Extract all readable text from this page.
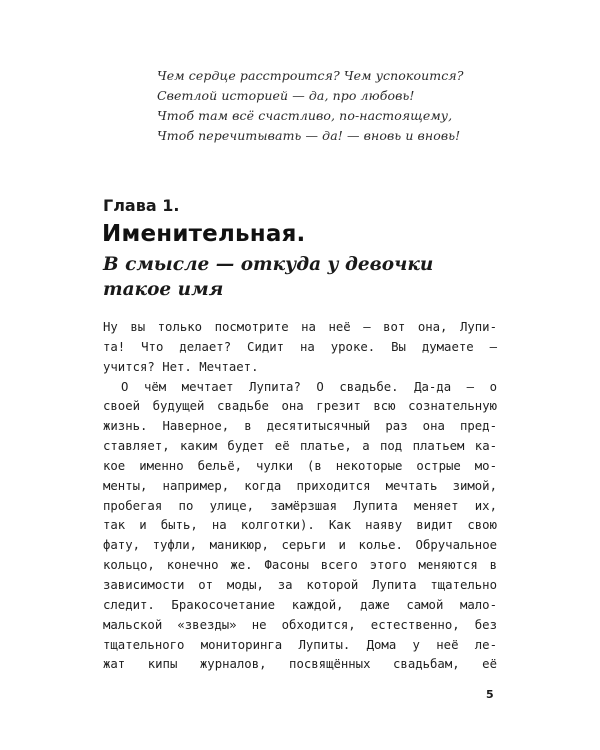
Чем сердце расстроится? Чем успокоится?
Светлой историей — да, про любовь!
Чтоб там всё счастливо, по-настоящему,
Чтоб перечитывать — да! — вновь и вновь!
Глава 1.
Именительная.
В смысле — откуда у девочки
такое имя
Ну вы только посмотрите на неё — вот она, Лупи-
та! Что делает? Сидит на уроке. Вы думаете —
учится? Нет. Мечтает.
О чём мечтает Лупита? О свадьбе. Да-да — о
своей будущей свадьбе она грезит всю сознательную
жизнь. Наверное, в десятитысячный раз она пред-
ставляет, каким будет её платье, а под платьем ка-
кое именно бельё, чулки (в некоторые острые мо-
менты, например, когда приходится мечтать зимой,
пробегая по улице, замёрзшая Лупита меняет их,
так и быть, на колготки). Как наяву видит свою
фату, туфли, маникюр, серьги и колье. Обручальное
кольцо, конечно же. Фасоны всего этого меняются в
зависимости от моды, за которой Лупита тщательно
следит. Бракосочетание каждой, даже самой мало-
мальской «звезды» не обходится, естественно, без
тщательного мониторинга Лупиты. Дома у неё ле-
жат кипы журналов, посвящённых свадьбам, её
5
